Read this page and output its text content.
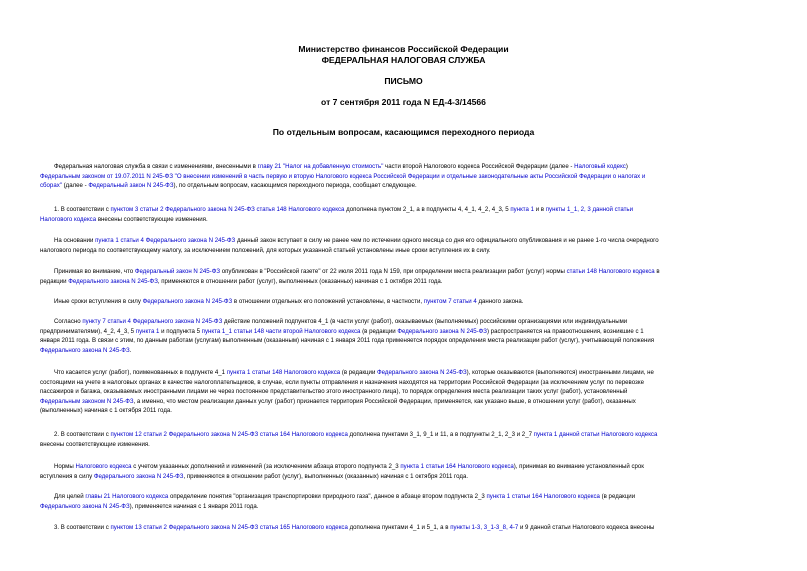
Министерство финансов Российской Федерации
ФЕДЕРАЛЬНАЯ НАЛОГОВАЯ СЛУЖБА
ПИСЬМО
от 7 сентября 2011 года N ЕД-4-3/14566
По отдельным вопросам, касающимся переходного периода
Федеральная налоговая служба в связи с изменениями, внесенными в главу 21 "Налог на добавленную стоимость" части второй Налогового кодекса Российской Федерации (далее - Налоговый кодекс)
Федеральным законом от 19.07.2011 N 245-ФЗ "О внесении изменений в часть первую и вторую Налогового кодекса Российской Федерации и отдельные законодательные акты Российской Федерации о налогах и
сборах" (далее - Федеральный закон N 245-ФЗ), по отдельным вопросам, касающимся переходного периода, сообщает следующее.
1. В соответствии с пунктом 3 статьи 2 Федерального закона N 245-ФЗ статья 148 Налогового кодекса дополнена пунктом 2_1, а в подпункты 4, 4_1, 4_2, 4_3, 5 пункта 1 и в пункты 1_1, 2, 3 данной статьи
Налогового кодекса внесены соответствующие изменения.
На основании пункта 1 статьи 4 Федерального закона N 245-ФЗ данный закон вступает в силу не ранее чем по истечении одного месяца со дня его официального опубликования и не ранее 1-го числа очередного
налогового периода по соответствующему налогу, за исключением положений, для которых указанной статьей установлены иные сроки вступления их в силу.
Принимая во внимание, что Федеральный закон N 245-ФЗ опубликован в "Российской газете" от 22 июля 2011 года N 159, при определении места реализации работ (услуг) нормы статьи 148 Налогового кодекса в
редакции Федерального закона N 245-ФЗ, применяются в отношении работ (услуг), выполненных (оказанных) начиная с 1 октября 2011 года.
Иные сроки вступления в силу Федерального закона N 245-ФЗ в отношении отдельных его положений установлены, в частности, пунктом 7 статьи 4 данного закона.
Согласно пункту 7 статьи 4 Федерального закона N 245-ФЗ действие положений подпунктов 4_1 (в части услуг (работ), оказываемых (выполняемых) российскими организациями или индивидуальными
предпринимателями), 4_2, 4_3, 5 пункта 1 и подпункта 5 пункта 1_1 статьи 148 части второй Налогового кодекса (в редакции Федерального закона N 245-ФЗ) распространяется на правоотношения, возникшие с 1
января 2011 года. В связи с этим, по данным работам (услугам) выполненным (оказанным) начиная с 1 января 2011 года применяется порядок определения места реализации работ (услуг), учитывающий положения
Федерального закона N 245-ФЗ.
Что касается услуг (работ), поименованных в подпункте 4_1 пункта 1 статьи 148 Налогового кодекса (в редакции Федерального закона N 245-ФЗ), которые оказываются (выполняются) иностранными лицами, не
состоящими на учете в налоговых органах в качестве налогоплательщиков, в случае, если пункты отправления и назначения находятся на территории Российской Федерации (за исключением услуг по перевозке
пассажиров и багажа, оказываемых иностранными лицами не через постоянное представительство этого иностранного лица), то порядок определения места реализации таких услуг (работ), установленный
Федеральным законом N 245-ФЗ, а именно, что местом реализации данных услуг (работ) признается территория Российской Федерации, применяется, как указано выше, в отношении услуг (работ), оказанных
(выполненных) начиная с 1 октября 2011 года.
2. В соответствии с пунктом 12 статьи 2 Федерального закона N 245-ФЗ статья 164 Налогового кодекса дополнена пунктами 3_1, 9_1 и 11, а в подпункты 2_1, 2_3 и 2_7 пункта 1 данной статьи Налогового кодекса
внесены соответствующие изменения.
Нормы Налогового кодекса с учетом указанных дополнений и изменений (за исключением абзаца второго подпункта 2_3 пункта 1 статьи 164 Налогового кодекса), принимая во внимание установленный срок
вступления в силу Федерального закона N 245-ФЗ, применяются в отношении работ (услуг), выполненных (оказанных) начиная с 1 октября 2011 года.
Для целей главы 21 Налогового кодекса определение понятия "организация транспортировки природного газа", данное в абзаце втором подпункта 2_3 пункта 1 статьи 164 Налогового кодекса (в редакции
Федерального закона N 245-ФЗ), применяется начиная с 1 января 2011 года.
3. В соответствии с пунктом 13 статьи 2 Федерального закона N 245-ФЗ статья 165 Налогового кодекса дополнена пунктами 4_1 и 5_1, а в пункты 1-3, 3_1-3_8, 4-7 и 9 данной статьи Налогового кодекса внесены
